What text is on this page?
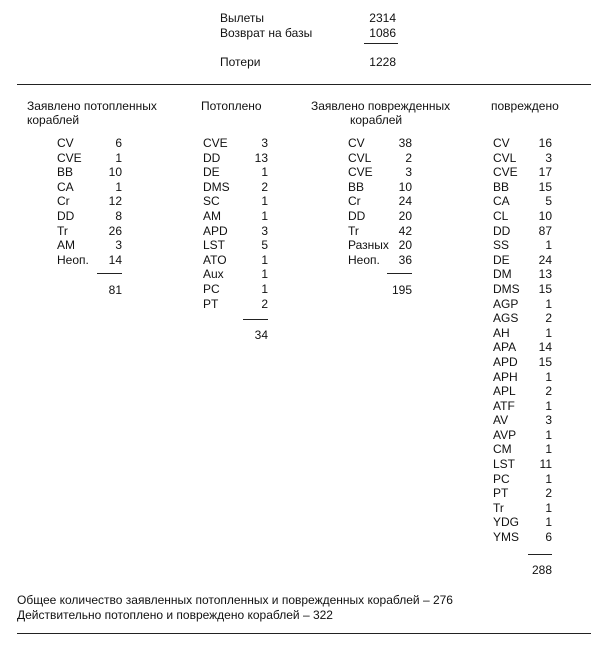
Вылеты	2314
Возврат на базы	1086
Потери	1228
Заявлено потопленных
кораблей
Потоплено	Заявлено поврежденных
кораблей
повреждено
CV	6
CVE	1
BB	10
CA	1
Cr	12
DD	8
Tr	26
AM	3
Неоп. 14
81
CVE	3
DD	13
DE	1
DMS	2
SC	1
AM	1
APD	3
LST	5
ATO	1
Aux	1
PC	1
PT	2
34
CV	38
CVL	2
CVE	3
BB	10
Cr	24
DD	20
Tr	42
Разных 20
Неоп. 36
195
CV 16
CVL 3
CVE 17
BB 15
CA	5
CL	10
DD 87
SS	1
DE 24
DM 13
DMS 15
AGP 1
AGS 2
AH	1
APA 14
APD 15
APH 1
APL 2
ATF	1
AV	3
AVP 1
CM	1
LST 11
PC	1
PT	2
Tr	1
YDG 1
YMS 6
288
Общее количество заявленных потопленных и поврежденных кораблей – 276
Действительно потоплено и повреждено кораблей – 322
